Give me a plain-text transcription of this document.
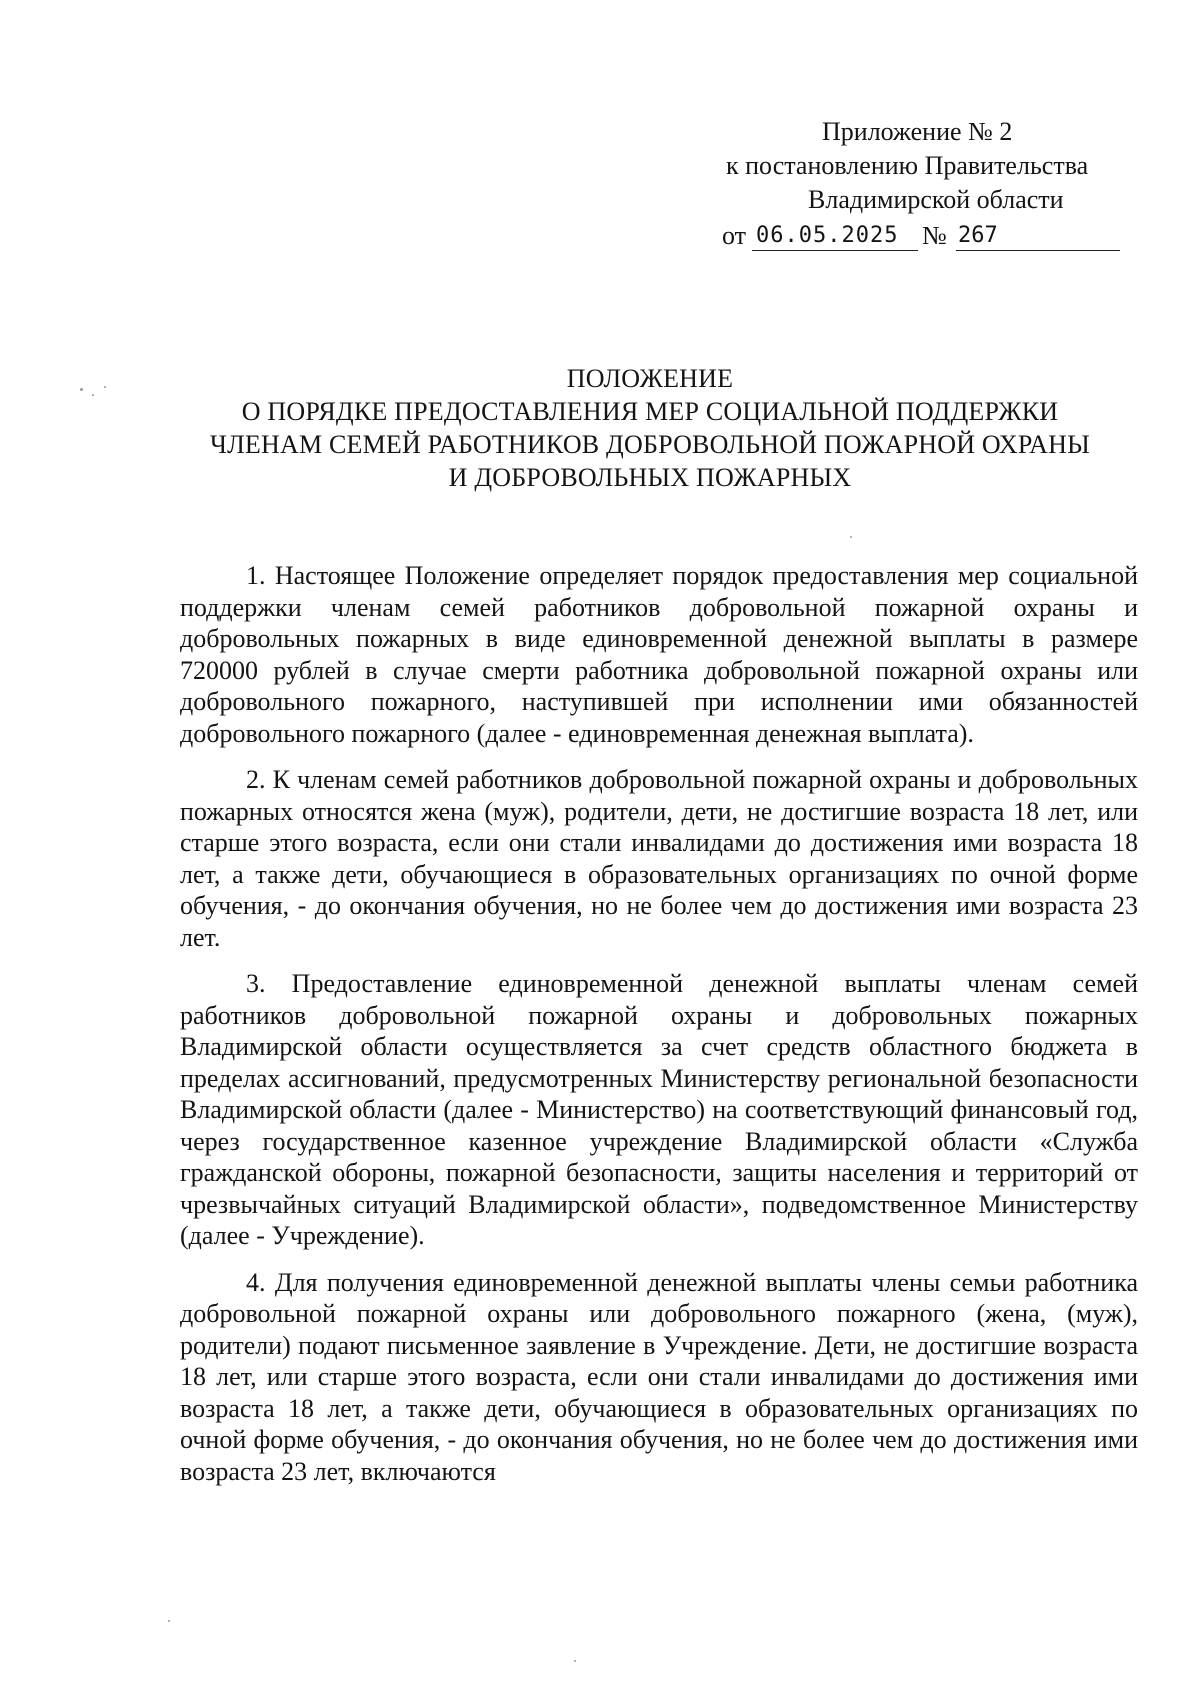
Приложение № 2
к постановлению Правительства
Владимирской области
от 06.05.2025 № 267
ПОЛОЖЕНИЕ
О ПОРЯДКЕ ПРЕДОСТАВЛЕНИЯ МЕР СОЦИАЛЬНОЙ ПОДДЕРЖКИ
ЧЛЕНАМ СЕМЕЙ РАБОТНИКОВ ДОБРОВОЛЬНОЙ ПОЖАРНОЙ ОХРАНЫ
И ДОБРОВОЛЬНЫХ ПОЖАРНЫХ

1. Настоящее Положение определяет порядок предоставления мер социальной поддержки членам семей работников добровольной пожарной охраны и добровольных пожарных в виде единовременной денежной выплаты в размере 720000 рублей в случае смерти работника добровольной пожарной охраны или добровольного пожарного, наступившей при исполнении ими обязанностей добровольного пожарного (далее - единовременная денежная выплата).

2. К членам семей работников добровольной пожарной охраны и добровольных пожарных относятся жена (муж), родители, дети, не достигшие возраста 18 лет, или старше этого возраста, если они стали инвалидами до достижения ими возраста 18 лет, а также дети, обучающиеся в образовательных организациях по очной форме обучения, - до окончания обучения, но не более чем до достижения ими возраста 23 лет.

3. Предоставление единовременной денежной выплаты членам семей работников добровольной пожарной охраны и добровольных пожарных Владимирской области осуществляется за счет средств областного бюджета в пределах ассигнований, предусмотренных Министерству региональной безопасности Владимирской области (далее - Министерство) на соответствующий финансовый год, через государственное казенное учреждение Владимирской области «Служба гражданской обороны, пожарной безопасности, защиты населения и территорий от чрезвычайных ситуаций Владимирской области», подведомственное Министерству (далее - Учреждение).

4. Для получения единовременной денежной выплаты члены семьи работника добровольной пожарной охраны или добровольного пожарного (жена, (муж), родители) подают письменное заявление в Учреждение. Дети, не достигшие возраста 18 лет, или старше этого возраста, если они стали инвалидами до достижения ими возраста 18 лет, а также дети, обучающиеся в образовательных организациях по очной форме обучения, - до окончания обучения, но не более чем до достижения ими возраста 23 лет, включаются
